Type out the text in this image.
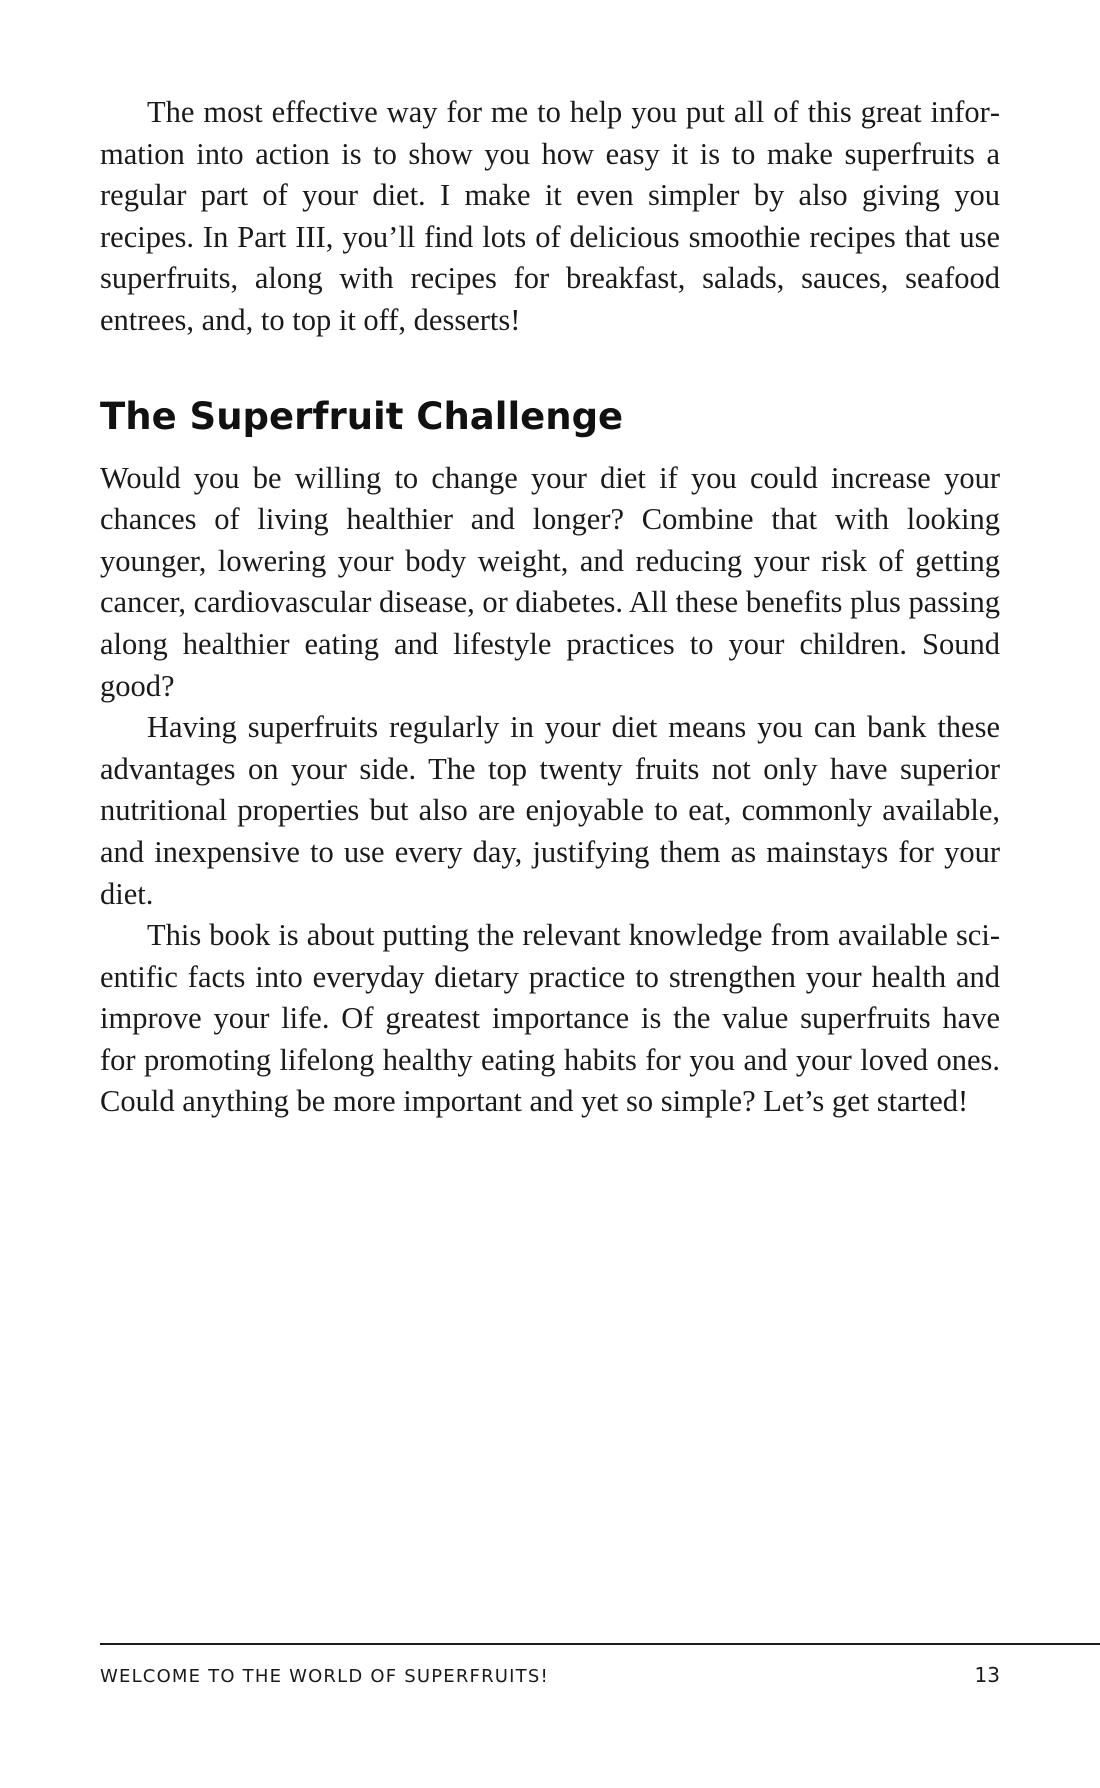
The most effective way for me to help you put all of this great information into action is to show you how easy it is to make superfruits a regular part of your diet. I make it even simpler by also giving you recipes. In Part III, you’ll find lots of delicious smoothie recipes that use superfruits, along with recipes for breakfast, salads, sauces, seafood entrees, and, to top it off, desserts!

The Superfruit Challenge

Would you be willing to change your diet if you could increase your chances of living healthier and longer? Combine that with looking younger, lowering your body weight, and reducing your risk of getting cancer, cardiovascular disease, or diabetes. All these benefits plus passing along healthier eating and lifestyle practices to your children. Sound good?

Having superfruits regularly in your diet means you can bank these advantages on your side. The top twenty fruits not only have superior nutritional properties but also are enjoyable to eat, commonly available, and inexpensive to use every day, justifying them as mainstays for your diet.

This book is about putting the relevant knowledge from available scientific facts into everyday dietary practice to strengthen your health and improve your life. Of greatest importance is the value superfruits have for promoting lifelong healthy eating habits for you and your loved ones. Could anything be more important and yet so simple? Let’s get started!

WELCOME TO THE WORLD OF SUPERFRUITS!	13
